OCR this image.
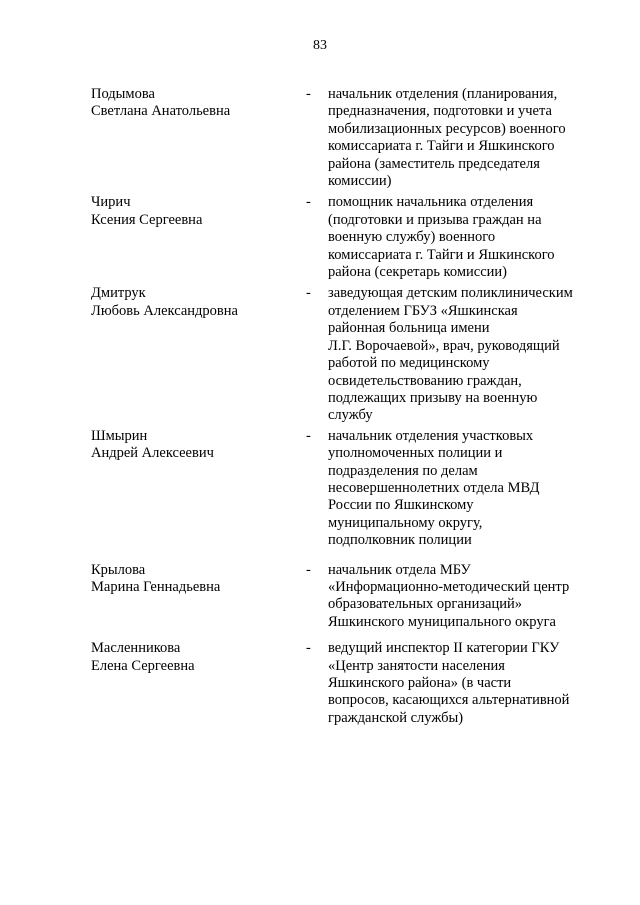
83
Подымова
Светлана Анатольевна
- начальник отделения (планирования,
предназначения, подготовки и учета
мобилизационных ресурсов) военного
комиссариата г. Тайги и Яшкинского
района (заместитель председателя
комиссии)
Чирич
Ксения Сергеевна
- помощник начальника отделения
(подготовки и призыва граждан на
военную службу) военного
комиссариата г. Тайги и Яшкинского
района (секретарь комиссии)
Дмитрук
Любовь Александровна
- заведующая детским поликлиническим
отделением ГБУЗ «Яшкинская
районная больница имени
Л.Г. Ворочаевой», врач, руководящий
работой по медицинскому
освидетельствованию граждан,
подлежащих призыву на военную
службу
Шмырин
Андрей Алексеевич
- начальник отделения участковых
уполномоченных полиции и
подразделения по делам
несовершеннолетних отдела МВД
России по Яшкинскому
муниципальному округу,
подполковник полиции
Крылова
Марина Геннадьевна
- начальник отдела МБУ
«Информационно-методический центр
образовательных организаций»
Яшкинского муниципального округа
Масленникова
Елена Сергеевна
- ведущий инспектор II категории ГКУ
«Центр занятости населения
Яшкинского района» (в части
вопросов, касающихся альтернативной
гражданской службы)
